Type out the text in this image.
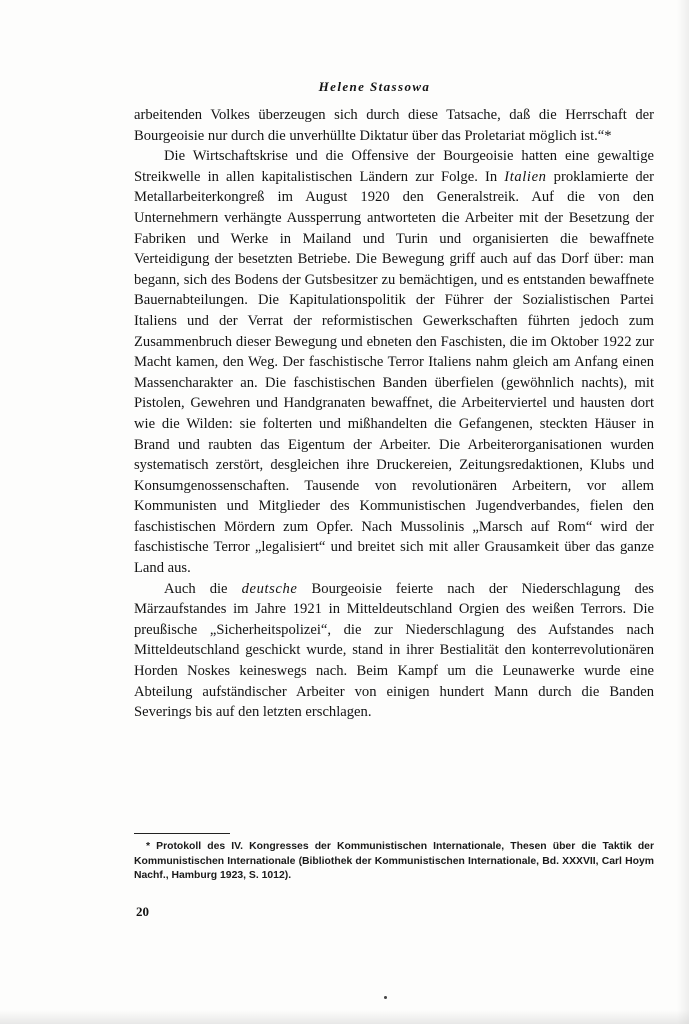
Helene Stassowa

arbeitenden Volkes überzeugen sich durch diese Tatsache, daß die Herrschaft der Bourgeoisie nur durch die unverhüllte Diktatur über das Proletariat möglich ist.“*

Die Wirtschaftskrise und die Offensive der Bourgeoisie hatten eine gewaltige Streikwelle in allen kapitalistischen Ländern zur Folge. In Italien proklamierte der Metallarbeiterkongreß im August 1920 den Generalstreik. Auf die von den Unternehmern verhängte Aussperrung antworteten die Arbeiter mit der Besetzung der Fabriken und Werke in Mailand und Turin und organisierten die bewaffnete Verteidigung der besetzten Betriebe. Die Bewegung griff auch auf das Dorf über: man begann, sich des Bodens der Gutsbesitzer zu bemächtigen, und es entstanden bewaffnete Bauernabteilungen. Die Kapitulationspolitik der Führer der Sozialistischen Partei Italiens und der Verrat der reformistischen Gewerkschaften führten jedoch zum Zusammenbruch dieser Bewegung und ebneten den Faschisten, die im Oktober 1922 zur Macht kamen, den Weg. Der faschistische Terror Italiens nahm gleich am Anfang einen Massencharakter an. Die faschistischen Banden überfielen (gewöhnlich nachts), mit Pistolen, Gewehren und Handgranaten bewaffnet, die Arbeiterviertel und hausten dort wie die Wilden: sie folterten und mißhandelten die Gefangenen, steckten Häuser in Brand und raubten das Eigentum der Arbeiter. Die Arbeiterorganisationen wurden systematisch zerstört, desgleichen ihre Druckereien, Zeitungsredaktionen, Klubs und Konsumgenossenschaften. Tausende von revolutionären Arbeitern, vor allem Kommunisten und Mitglieder des Kommunistischen Jugendverbandes, fielen den faschistischen Mördern zum Opfer. Nach Mussolinis „Marsch auf Rom“ wird der faschistische Terror „legalisiert“ und breitet sich mit aller Grausamkeit über das ganze Land aus.

Auch die deutsche Bourgeoisie feierte nach der Niederschlagung des Märzaufstandes im Jahre 1921 in Mitteldeutschland Orgien des weißen Terrors. Die preußische „Sicherheitspolizei“, die zur Niederschlagung des Aufstandes nach Mitteldeutschland geschickt wurde, stand in ihrer Bestialität den konterrevolutionären Horden Noskes keineswegs nach. Beim Kampf um die Leunawerke wurde eine Abteilung aufständischer Arbeiter von einigen hundert Mann durch die Banden Severings bis auf den letzten erschlagen.

* Protokoll des IV. Kongresses der Kommunistischen Internationale, Thesen über die Taktik der Kommunistischen Internationale (Bibliothek der Kommunistischen Internationale, Bd. XXXVII, Carl Hoym Nachf., Hamburg 1923, S. 1012).

20
